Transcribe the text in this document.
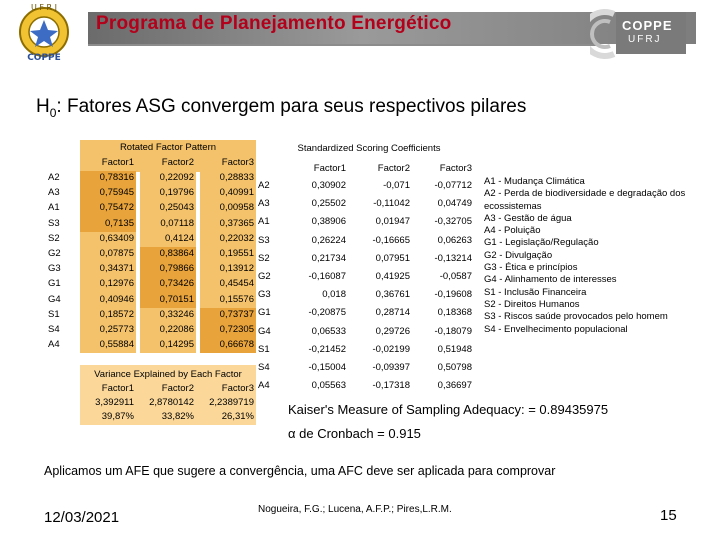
U F R J
COPPE
Programa de Planejamento Energético	COPPE
UFRJ
$H_0$: Fatores ASG convergem para seus respectivos pilares
Rotated Factor Pattern
Factor1	Factor2	Factor3
A2	0,78316	0,22092	0,28833
A3	0,75945	0,19796	0,40991
A1	0,75472	0,25043	0,00958
S3	0,7135	0,07118	0,37365
S2	0,63409	0,4124	0,22032
G2	0,07875	0,83864	0,19551
G3	0,34371	0,79866	0,13912
G1	0,12976	0,73426	0,45454
G4	0,40946	0,70151	0,15576
S1	0,18572	0,33246	0,73737
S4	0,25773	0,22086	0,72305
A4	0,55884	0,14295	0,66678
Variance Explained by Each Factor
Factor1	Factor2	Factor3
3,392911	2,8780142	2,2389719
39,87%	33,82%	26,31%
Standardized Scoring Coefficients
Factor1	Factor2	Factor3
A2	0,30902	-0,071	-0,07712
A3	0,25502	-0,11042	0,04749
A1	0,38906	0,01947	-0,32705
S3	0,26224	-0,16665	0,06263
S2	0,21734	0,07951	-0,13214
G2	-0,16087	0,41925	-0,0587
G3	0,018	0,36761	-0,19608
G1	-0,20875	0,28714	0,18368
G4	0,06533	0,29726	-0,18079
S1	-0,21452	-0,02199	0,51948
S4	-0,15004	-0,09397	0,50798
A4	0,05563	-0,17318	0,36697
A1 - Mudança Climática
A2 - Perda de biodiversidade e degradação dos
ecossistemas
A3 - Gestão de água
A4 - Poluição
G1 - Legislação/Regulação
G2 - Divulgação
G3 - Ética e princípios
G4 - Alinhamento de interesses
S1 - Inclusão Financeira
S2 - Direitos Humanos
S3 - Riscos saúde provocados pelo homem
S4 - Envelhecimento populacional
Kaiser's Measure of Sampling Adequacy: = 0.89435975
α de Cronbach = 0.915
Aplicamos um AFE que sugere a convergência, uma AFC deve ser aplicada para comprovar
12/03/2021	Nogueira, F.G.; Lucena, A.F.P.; Pires,L.R.M.	15
